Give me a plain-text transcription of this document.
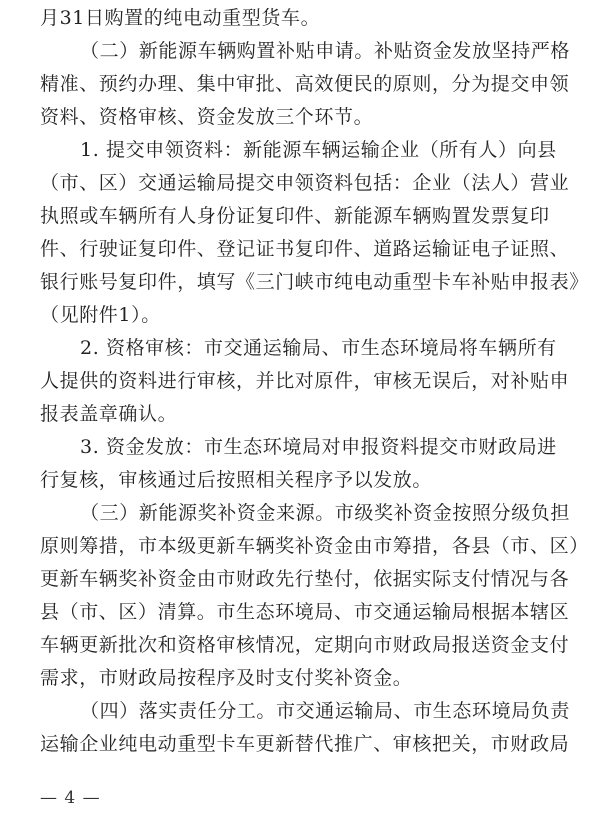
月31日购置的纯电动重型货车。
（二）新能源车辆购置补贴申请。补贴资金发放坚持严格
精准、预约办理、集中审批、高效便民的原则，分为提交申领
资料、资格审核、资金发放三个环节。
1. 提交申领资料：新能源车辆运输企业（所有人）向县
（市、区）交通运输局提交申领资料包括：企业（法人）营业
执照或车辆所有人身份证复印件、新能源车辆购置发票复印
件、行驶证复印件、登记证书复印件、道路运输证电子证照、
银行账号复印件，填写《三门峡市纯电动重型卡车补贴申报表》
（见附件1）。
2. 资格审核：市交通运输局、市生态环境局将车辆所有
人提供的资料进行审核，并比对原件，审核无误后，对补贴申
报表盖章确认。
3. 资金发放：市生态环境局对申报资料提交市财政局进
行复核，审核通过后按照相关程序予以发放。
（三）新能源奖补资金来源。市级奖补资金按照分级负担
原则筹措，市本级更新车辆奖补资金由市筹措，各县（市、区）
更新车辆奖补资金由市财政先行垫付，依据实际支付情况与各
县（市、区）清算。市生态环境局、市交通运输局根据本辖区
车辆更新批次和资格审核情况，定期向市财政局报送资金支付
需求，市财政局按程序及时支付奖补资金。
（四）落实责任分工。市交通运输局、市生态环境局负责
运输企业纯电动重型卡车更新替代推广、审核把关，市财政局
— 4 —
